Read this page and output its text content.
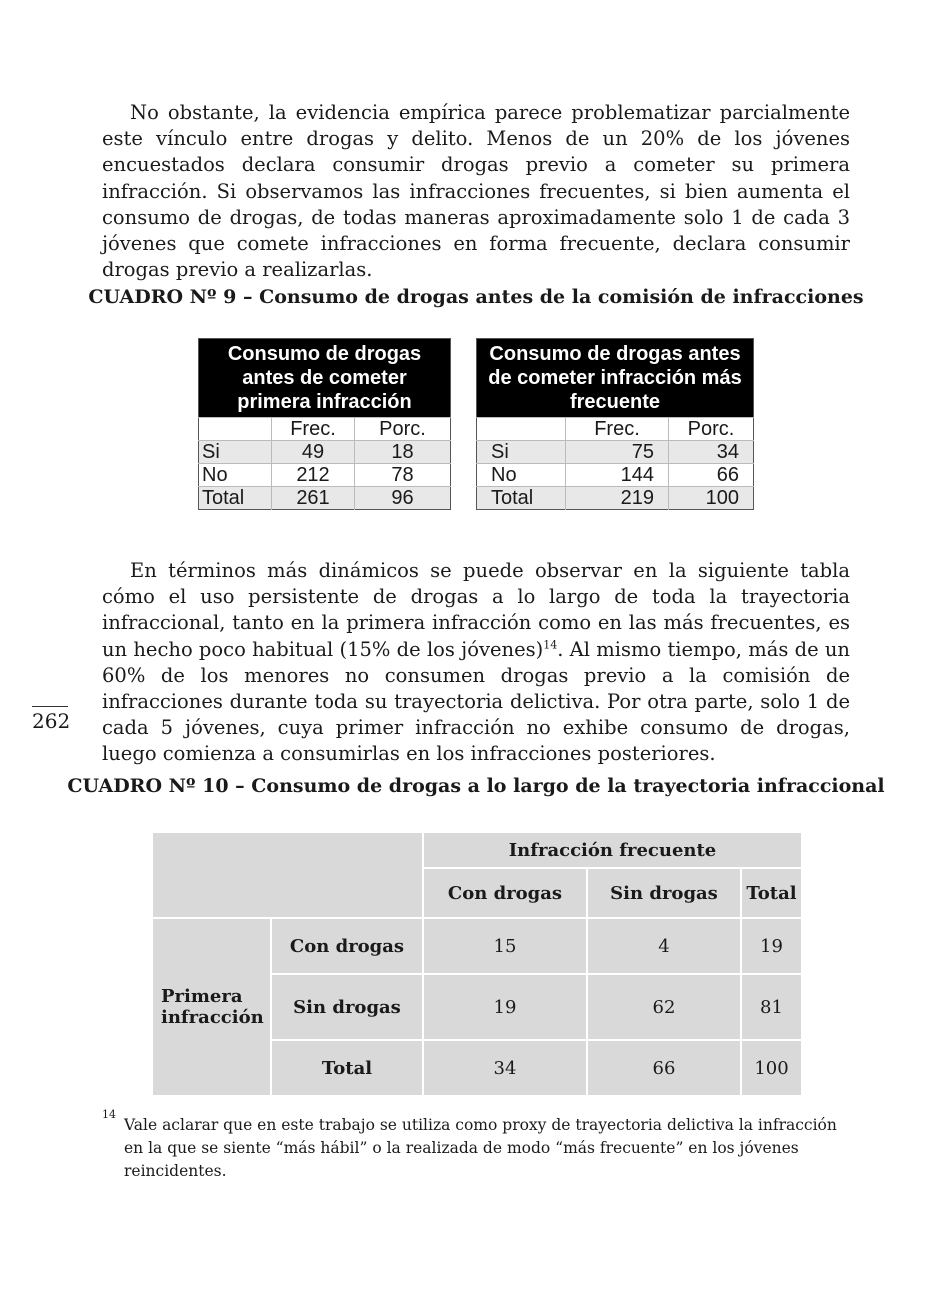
No obstante, la evidencia empírica parece problematizar parcialmente este vínculo entre drogas y delito. Menos de un 20% de los jóvenes encuestados declara consumir drogas previo a cometer su primera infracción. Si observamos las infracciones frecuentes, si bien aumenta el consumo de drogas, de todas maneras aproximadamente solo 1 de cada 3 jóvenes que comete infracciones en forma frecuente, declara consumir drogas previo a realizarlas.

CUADRO Nº 9 – Consumo de drogas antes de la comisión de infracciones

Consumo de drogas antes de cometer primera infracción		
	Frec.	Porc.
Si	49	18
No	212	78
Total	261	96
Consumo de drogas antes de cometer infracción más frecuente		
	Frec.	Porc.
Si	75	34
No	144	66
Total	219	100

En términos más dinámicos se puede observar en la siguiente tabla cómo el uso persistente de drogas a lo largo de toda la trayectoria infraccional, tanto en la primera infracción como en las más frecuentes, es un hecho poco habitual (15% de los jóvenes)$^{14}$. Al mismo tiempo, más de un 60% de los menores no consumen drogas previo a la comisión de infracciones durante toda su trayectoria delictiva. Por otra parte, solo 1 de cada 5 jóvenes, cuya primer infracción no exhibe consumo de drogas, luego comienza a consumirlas en los infracciones posteriores.

262

CUADRO Nº 10 – Consumo de drogas a lo largo de la trayectoria infraccional

		Infracción frecuente		
		Con drogas	Sin drogas	Total
Primera infracción	Con drogas	15	4	19
	Sin drogas	19	62	81
	Total	34	66	100
14

Vale aclarar que en este trabajo se utiliza como proxy de trayectoria delictiva la infracción en la que se siente “más hábil” o la realizada de modo “más frecuente” en los jóvenes reincidentes.
